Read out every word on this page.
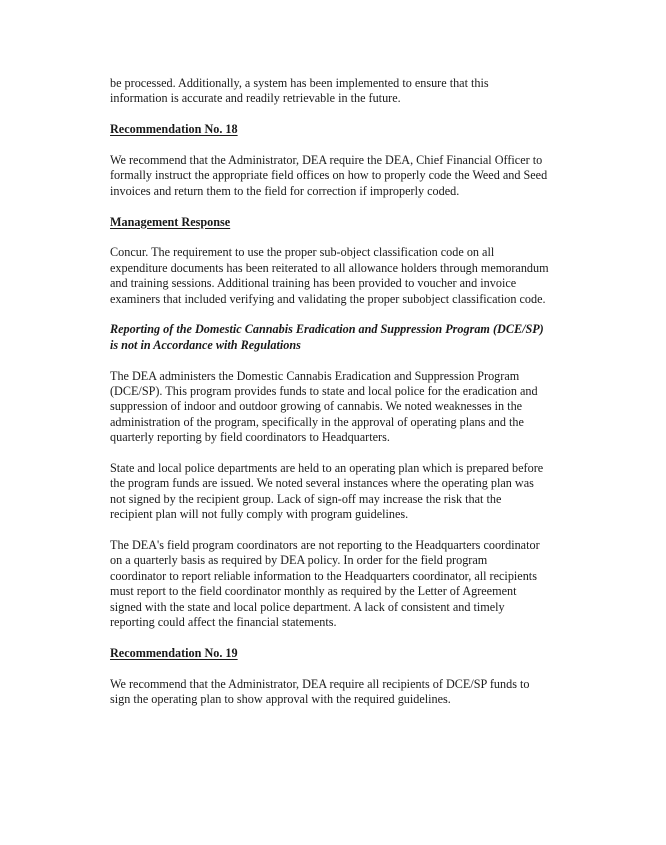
be processed. Additionally, a system has been implemented to ensure that this
information is accurate and readily retrievable in the future.

Recommendation No. 18

We recommend that the Administrator, DEA require the DEA, Chief Financial Officer to
formally instruct the appropriate field offices on how to properly code the Weed and Seed
invoices and return them to the field for correction if improperly coded.

Management Response

Concur. The requirement to use the proper sub-object classification code on all
expenditure documents has been reiterated to all allowance holders through memorandum
and training sessions. Additional training has been provided to voucher and invoice
examiners that included verifying and validating the proper subobject classification code.

Reporting of the Domestic Cannabis Eradication and Suppression Program (DCE/SP)
is not in Accordance with Regulations

The DEA administers the Domestic Cannabis Eradication and Suppression Program
(DCE/SP). This program provides funds to state and local police for the eradication and
suppression of indoor and outdoor growing of cannabis. We noted weaknesses in the
administration of the program, specifically in the approval of operating plans and the
quarterly reporting by field coordinators to Headquarters.

State and local police departments are held to an operating plan which is prepared before
the program funds are issued. We noted several instances where the operating plan was
not signed by the recipient group. Lack of sign-off may increase the risk that the
recipient plan will not fully comply with program guidelines.

The DEA's field program coordinators are not reporting to the Headquarters coordinator
on a quarterly basis as required by DEA policy. In order for the field program
coordinator to report reliable information to the Headquarters coordinator, all recipients
must report to the field coordinator monthly as required by the Letter of Agreement
signed with the state and local police department. A lack of consistent and timely
reporting could affect the financial statements.

Recommendation No. 19

We recommend that the Administrator, DEA require all recipients of DCE/SP funds to
sign the operating plan to show approval with the required guidelines.
